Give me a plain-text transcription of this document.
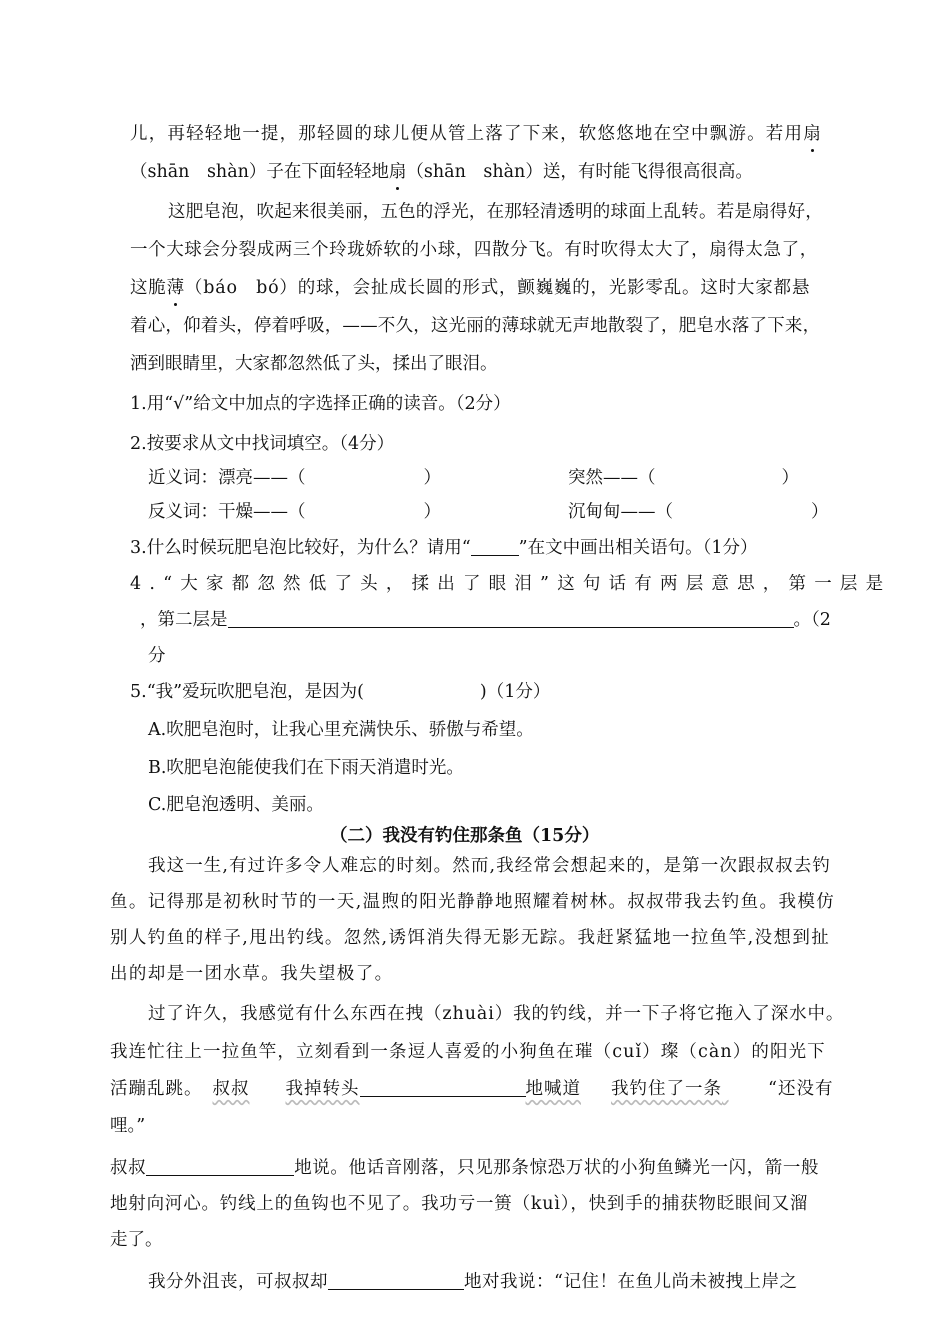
儿，再轻轻地一提，那轻圆的球儿便从管上落了下来，软悠悠地在空中飘游。若用扇
（shān　shàn）子在下面轻轻地扇（shān　shàn）送，有时能飞得很高很高。
这肥皂泡，吹起来很美丽，五色的浮光，在那轻清透明的球面上乱转。若是扇得好，
一个大球会分裂成两三个玲珑娇软的小球，四散分飞。有时吹得太大了，扇得太急了，
这脆薄（báo　bó）的球，会扯成长圆的形式，颤巍巍的，光影零乱。这时大家都悬
着心，仰着头，停着呼吸，——不久，这光丽的薄球就无声地散裂了，肥皂水落了下来，
洒到眼睛里，大家都忽然低了头，揉出了眼泪。
1.用“√”给文中加点的字选择正确的读音。（2分）
2.按要求从文中找词填空。（4分）
近义词：漂亮——（	）	突然——（	）
反义词：干燥——（	）	沉甸甸——（	）
3.什么时候玩肥皂泡比较好，为什么？请用“	”在文中画出相关语句。（1分）
4.“大家都忽然低了头，揉出了眼泪”这句话有两层意思，第一层是
，第二层是	。（2
分
5.“我”爱玩吹肥皂泡，是因为(	)（1分）
A.吹肥皂泡时，让我心里充满快乐、骄傲与希望。
B.吹肥皂泡能使我们在下雨天消遣时光。
C.肥皂泡透明、美丽。
（二）我没有钓住那条鱼（15分）
我这一生,有过许多令人难忘的时刻。然而,我经常会想起来的，是第一次跟叔叔去钓
鱼。记得那是初秋时节的一天,温煦的阳光静静地照耀着树林。叔叔带我去钓鱼。我模仿
别人钓鱼的样子,甩出钓线。忽然,诱饵消失得无影无踪。我赶紧猛地一拉鱼竿,没想到扯
出的却是一团水草。我失望极了。
过了许久，我感觉有什么东西在拽（zhuài）我的钓线，并一下子将它拖入了深水中。
我连忙往上一拉鱼竿，立刻看到一条逗人喜爱的小狗鱼在璀（cuǐ）璨（càn）的阳光下
活蹦乱跳。 叔叔 我掉转头	地喊道 我钓住了一条	“还没有
哩。”
叔叔	地说。他话音刚落，只见那条惊恐万状的小狗鱼鳞光一闪，箭一般
地射向河心。钓线上的鱼钩也不见了。我功亏一篑（kuì），快到手的捕获物眨眼间又溜
走了。
我分外沮丧，可叔叔却	地对我说：“记住！在鱼儿尚未被拽上岸之
